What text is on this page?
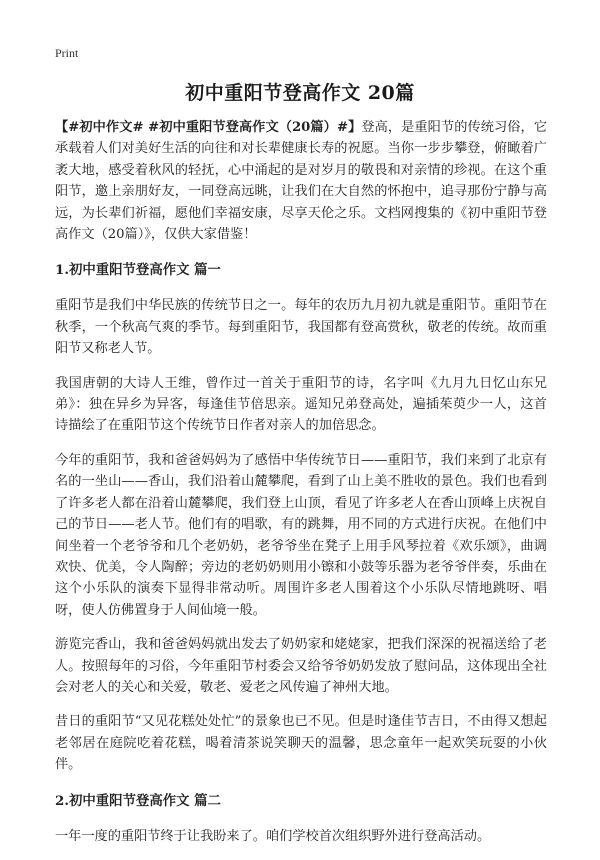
Print
初中重阳节登高作文 20篇

【#初中作文# #初中重阳节登高作文（20篇）#】登高，是重阳节的传统习俗，它承载着人们对美好生活的向往和对长辈健康长寿的祝愿。当你一步步攀登，俯瞰着广袤大地，感受着秋风的轻抚，心中涌起的是对岁月的敬畏和对亲情的珍视。在这个重阳节，邀上亲朋好友，一同登高远眺，让我们在大自然的怀抱中，追寻那份宁静与高远，为长辈们祈福，愿他们幸福安康，尽享天伦之乐。文档网搜集的《初中重阳节登高作文（20篇）》，仅供大家借鉴！

1.初中重阳节登高作文 篇一

重阳节是我们中华民族的传统节日之一。每年的农历九月初九就是重阳节。重阳节在秋季，一个秋高气爽的季节。每到重阳节，我国都有登高赏秋，敬老的传统。故而重阳节又称老人节。

我国唐朝的大诗人王维，曾作过一首关于重阳节的诗，名字叫《九月九日忆山东兄弟》：独在异乡为异客，每逢佳节倍思亲。遥知兄弟登高处，遍插茱萸少一人，这首诗描绘了在重阳节这个传统节日作者对亲人的加倍思念。

今年的重阳节，我和爸爸妈妈为了感悟中华传统节日——重阳节，我们来到了北京有名的一坐山——香山，我们沿着山麓攀爬，看到了山上美不胜收的景色。我们也看到了许多老人都在沿着山麓攀爬，我们登上山顶，看见了许多老人在香山顶峰上庆祝自己的节日——老人节。他们有的唱歌，有的跳舞，用不同的方式进行庆祝。在他们中间坐着一个老爷爷和几个老奶奶，老爷爷坐在凳子上用手风琴拉着《欢乐颂》，曲调欢快、优美，令人陶醉；旁边的老奶奶则用小镲和小鼓等乐器为老爷爷伴奏，乐曲在这个小乐队的演奏下显得非常动听。周围许多老人围着这个小乐队尽情地跳呀、唱呀，使人仿佛置身于人间仙境一般。

游览完香山，我和爸爸妈妈就出发去了奶奶家和姥姥家，把我们深深的祝福送给了老人。按照每年的习俗，今年重阳节村委会又给爷爷奶奶发放了慰问品，这体现出全社会对老人的关心和关爱，敬老、爱老之风传遍了神州大地。

昔日的重阳节“又见花糕处处忙”的景象也已不见。但是时逢佳节吉日，不由得又想起老邻居在庭院吃着花糕，喝着清茶说笑聊天的温馨，思念童年一起欢笑玩耍的小伙伴。

2.初中重阳节登高作文 篇二

一年一度的重阳节终于让我盼来了。咱们学校首次组织野外进行登高活动。
